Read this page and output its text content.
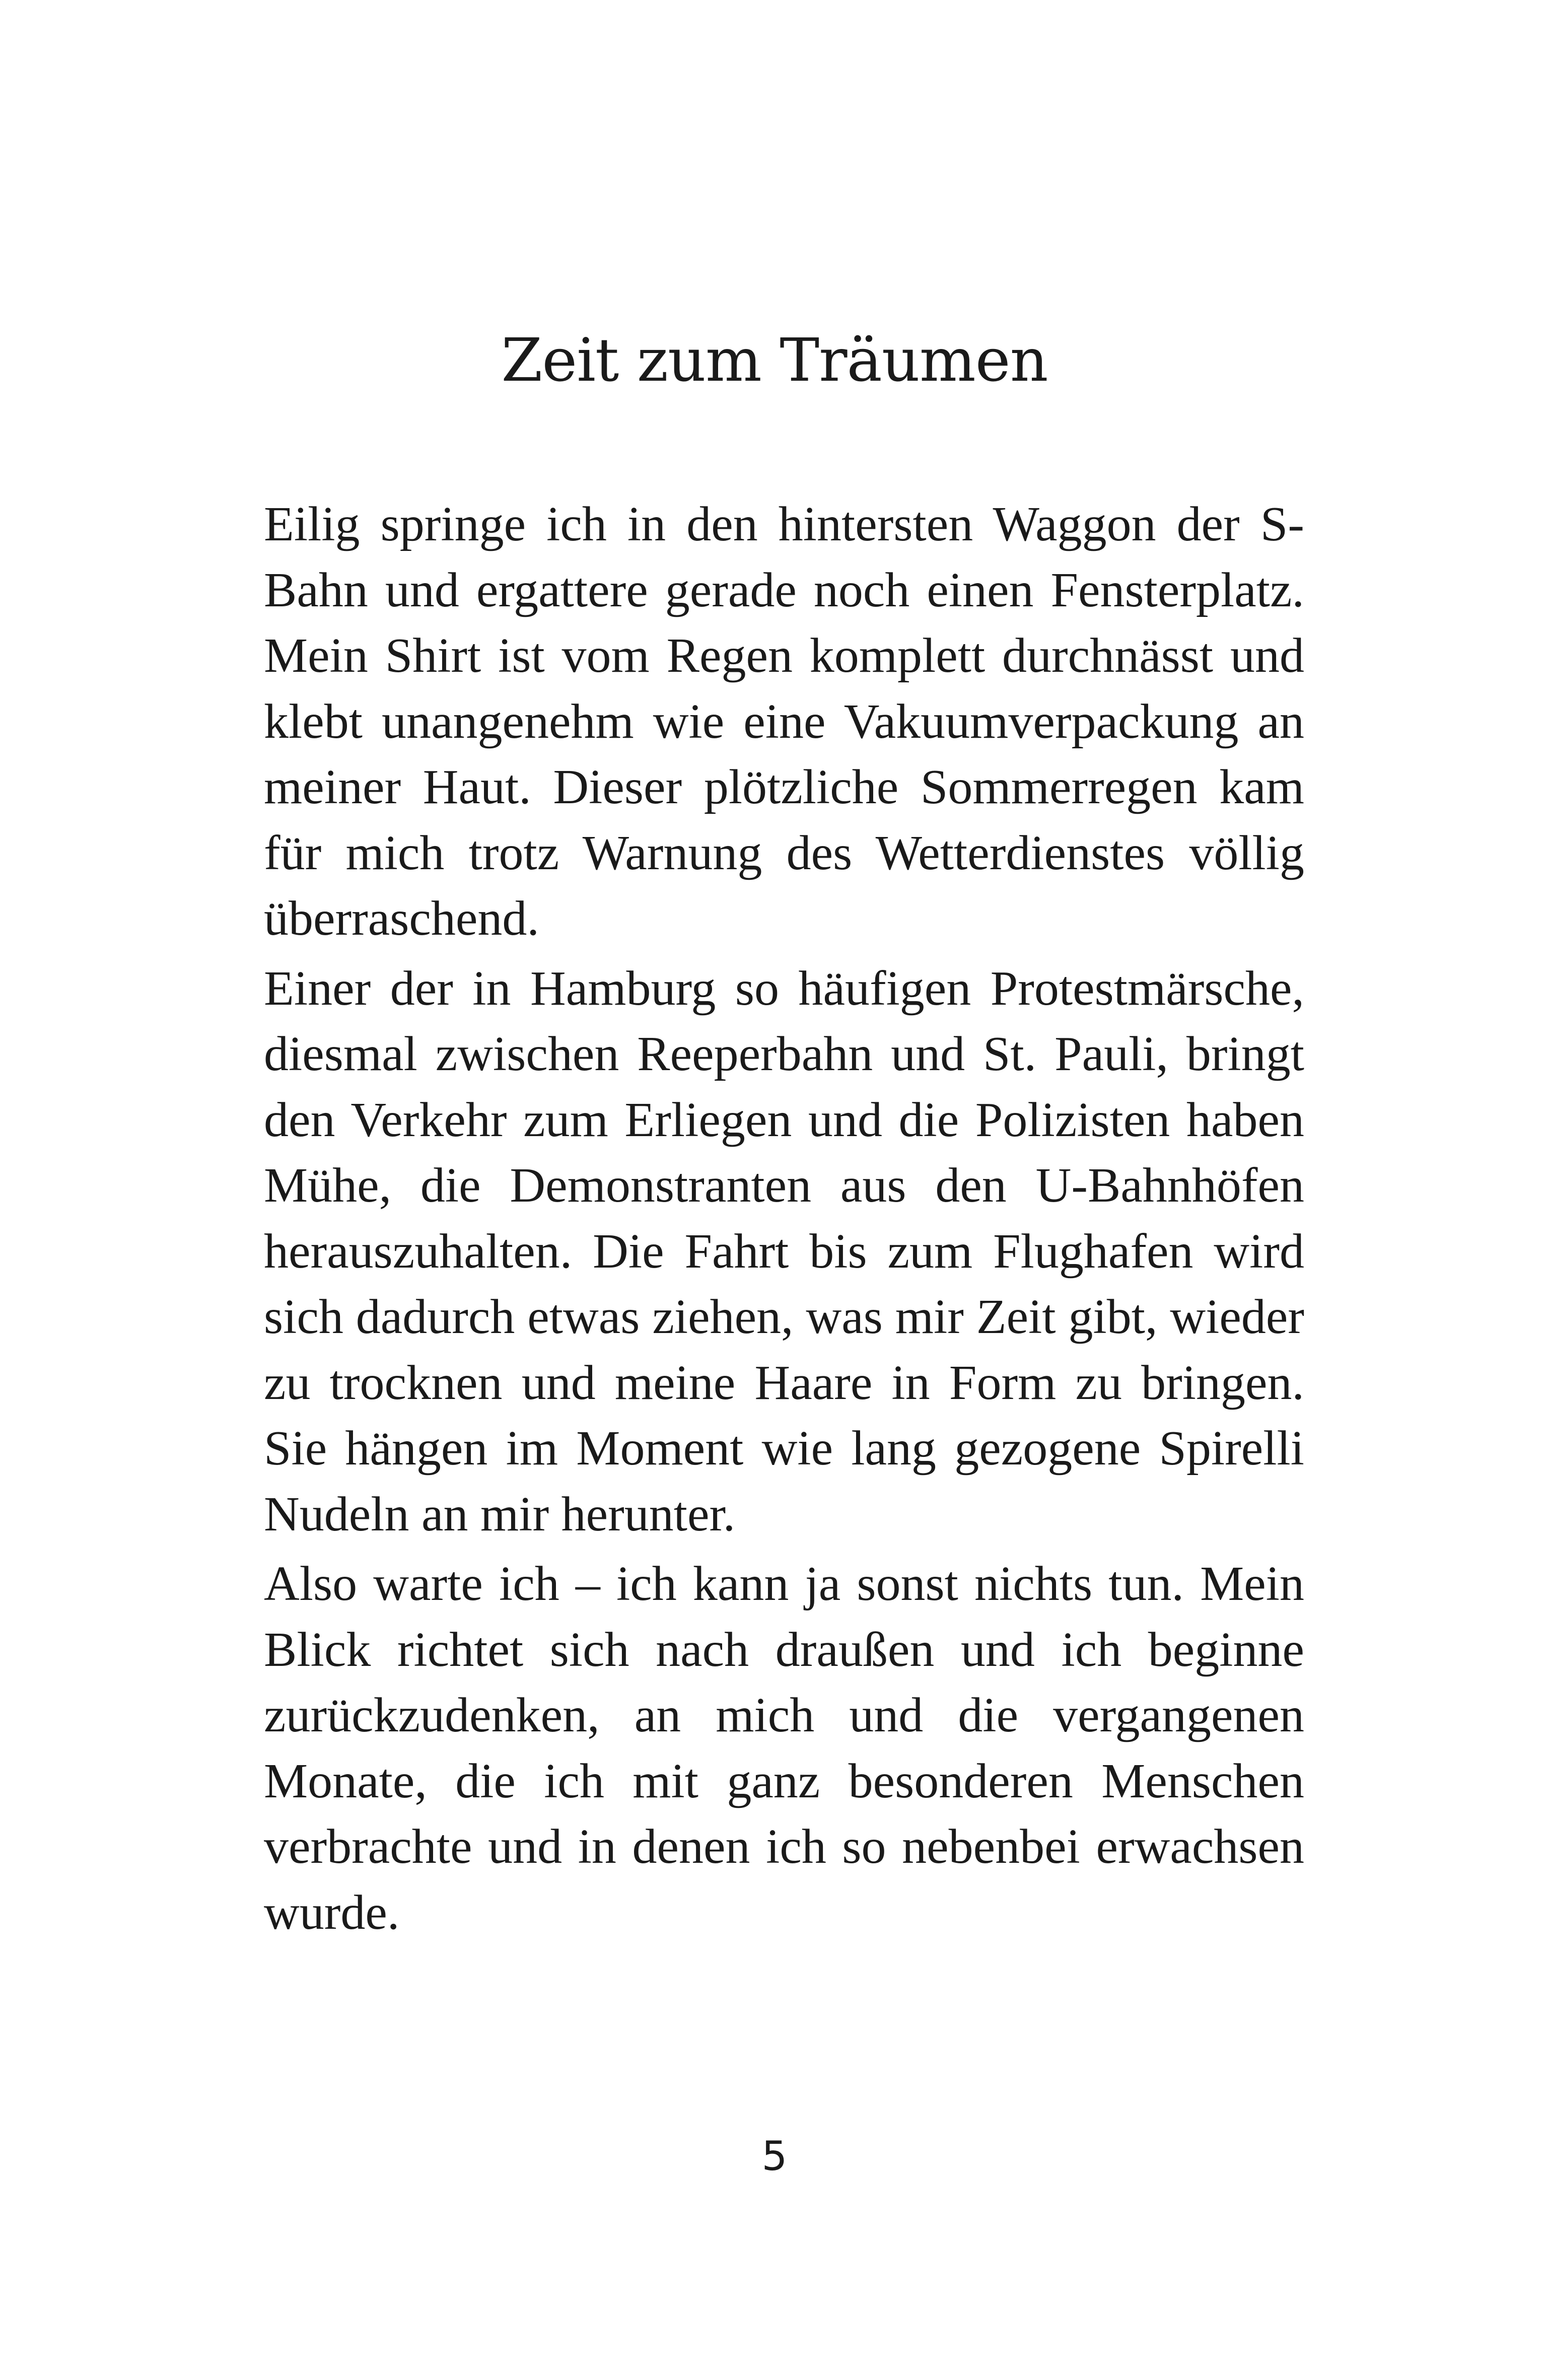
Zeit zum Träumen

Eilig springe ich in den hintersten Waggon der S-Bahn und ergattere gerade noch einen Fensterplatz. Mein Shirt ist vom Regen komplett durchnässt und klebt unangenehm wie eine Vakuumverpackung an meiner Haut. Dieser plötzliche Sommerregen kam für mich trotz Warnung des Wetterdienstes völlig überraschend.

Einer der in Hamburg so häufigen Protestmärsche, diesmal zwischen Reeperbahn und St. Pauli, bringt den Verkehr zum Erliegen und die Polizisten haben Mühe, die Demonstranten aus den U-Bahnhöfen herauszuhalten. Die Fahrt bis zum Flughafen wird sich dadurch etwas ziehen, was mir Zeit gibt, wieder zu trocknen und meine Haare in Form zu bringen. Sie hängen im Moment wie lang gezogene Spirelli Nudeln an mir herunter.

Also warte ich – ich kann ja sonst nichts tun. Mein Blick richtet sich nach draußen und ich beginne zurückzudenken, an mich und die vergangenen Monate, die ich mit ganz besonderen Menschen verbrachte und in denen ich so nebenbei erwachsen wurde.

5
